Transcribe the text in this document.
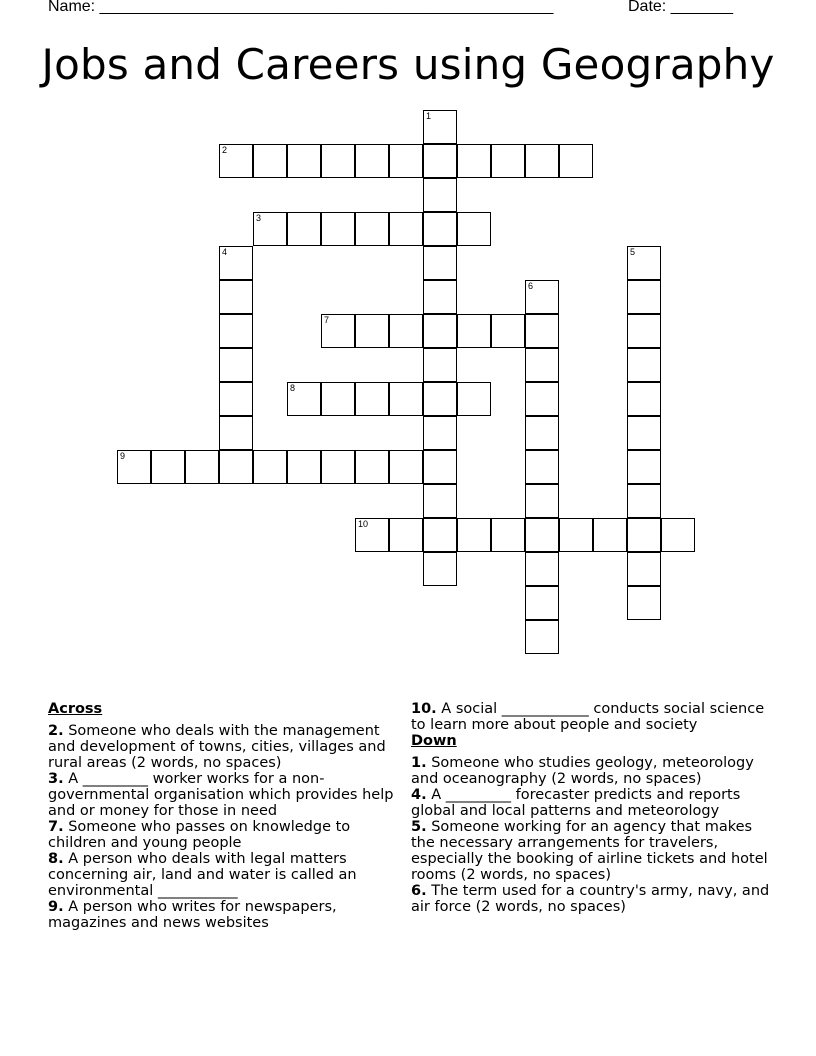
Name: ___________________________________________________	Date: _______
Jobs and Careers using Geography
1
2
3
4	5
6
7
8
9
10
Across
2. Someone who deals with the management and development of towns, cities, villages and rural areas (2 words, no spaces)
3. A _________ worker works for a non-governmental organisation which provides help and or money for those in need
7. Someone who passes on knowledge to children and young people
8. A person who deals with legal matters concerning air, land and water is called an environmental ___________
9. A person who writes for newspapers, magazines and news websites
10. A social ____________ conducts social science to learn more about people and society
Down
1. Someone who studies geology, meteorology and oceanography (2 words, no spaces)
4. A _________ forecaster predicts and reports global and local patterns and meteorology
5. Someone working for an agency that makes the necessary arrangements for travelers, especially the booking of airline tickets and hotel rooms (2 words, no spaces)
6. The term used for a country's army, navy, and air force (2 words, no spaces)
